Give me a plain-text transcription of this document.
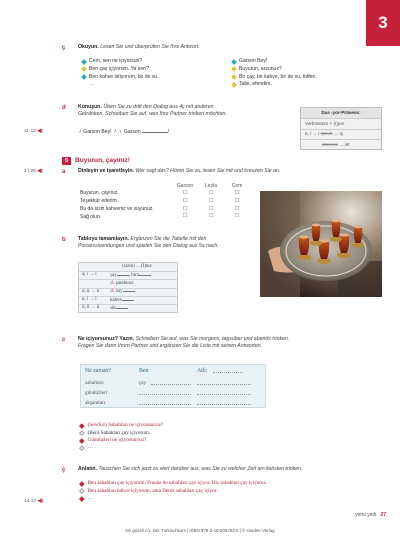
3
ç Okuyun. Lesen Sie und überprüfen Sie Ihre Antwort.
Cem, sen ne içiyorsun?
Ben çay içiyorum. Ya sen?
Ben kahve istiyorum, bir de su.
…
Garson Bey!
Buyurun, arzunuz?
Bir çay, bir kahve, bir de su, lütfen.
Tabii, efendim.
d Konuşun. Üben Sie zu dritt den Dialog aus 4ç mit anderen
Getränken. Schreiben Sie auf, was Ihre Partner trinken möchten.
11-13 ◀)	♂ Garson Bey!  /  ♀ Garson	!
Das -yor-Präsens:
Verbstamm + (I)yor
e, i → i içmek → iç
istemek → ist
5	Buyurun, çayınız!
1 | 26 ◀)	a Dinleyin ve işaretleyin. Wer sagt das? Hören Sie zu, lesen Sie mit und kreuzen Sie an.
	Garson	Leyla	Cem
Buyurun, çayınız.	☐	☐	☐
Teşekkür ederim.	☐	☐	☐
Bu da sizin kahveniz ve suyunuz.	☐	☐	☐
Sağ olun.	☐	☐	☐
b Tabloyu tamamlayın. Ergänzen Sie die Tabelle mit den
Possessivendungen und spielen Sie den Dialog aus 5a nach.
(sizin) …(I)nız
a, ı → ı	çay , bira
⚠ şarabınız
o, u → u	⚠ suy
e, i → i	kahve
ö, ü → ü	süt
c Ne içiyorsunuz? Yazın. Schreiben Sie auf, was Sie morgens, tagsüber und abends trinken.
Fragen Sie dann Ihren Partner und ergänzen Sie die Liste mit seinen Antworten.
Ne zaman?	Ben	Adı:
sabahları	çay
gündüzleri
akşamları
(Sen/Siz) Sabahları ne içiyorsun/uz?
(Ben) Sabahları çay içiyorum.
Gündüzleri ne içiyorsun/uz?
… .
ç Anlatın. Tauschen Sie sich jetzt zu viert darüber aus, was Sie zu welcher Zeit am liebsten trinken.
Ben sabahları çay içiyorum. Frauke de sabahları çay içiyor. Biz sabahları çay içiyoruz.
Ben sabahları kahve içiyorum, ama Deniz sabahları çay içiyor.
…
14-17 ◀)
yirmi yedi 27
Ne güzel! A1, Der Türkischkurs | ISBN 978-3-19-005253-0 | © Hueber Verlag
